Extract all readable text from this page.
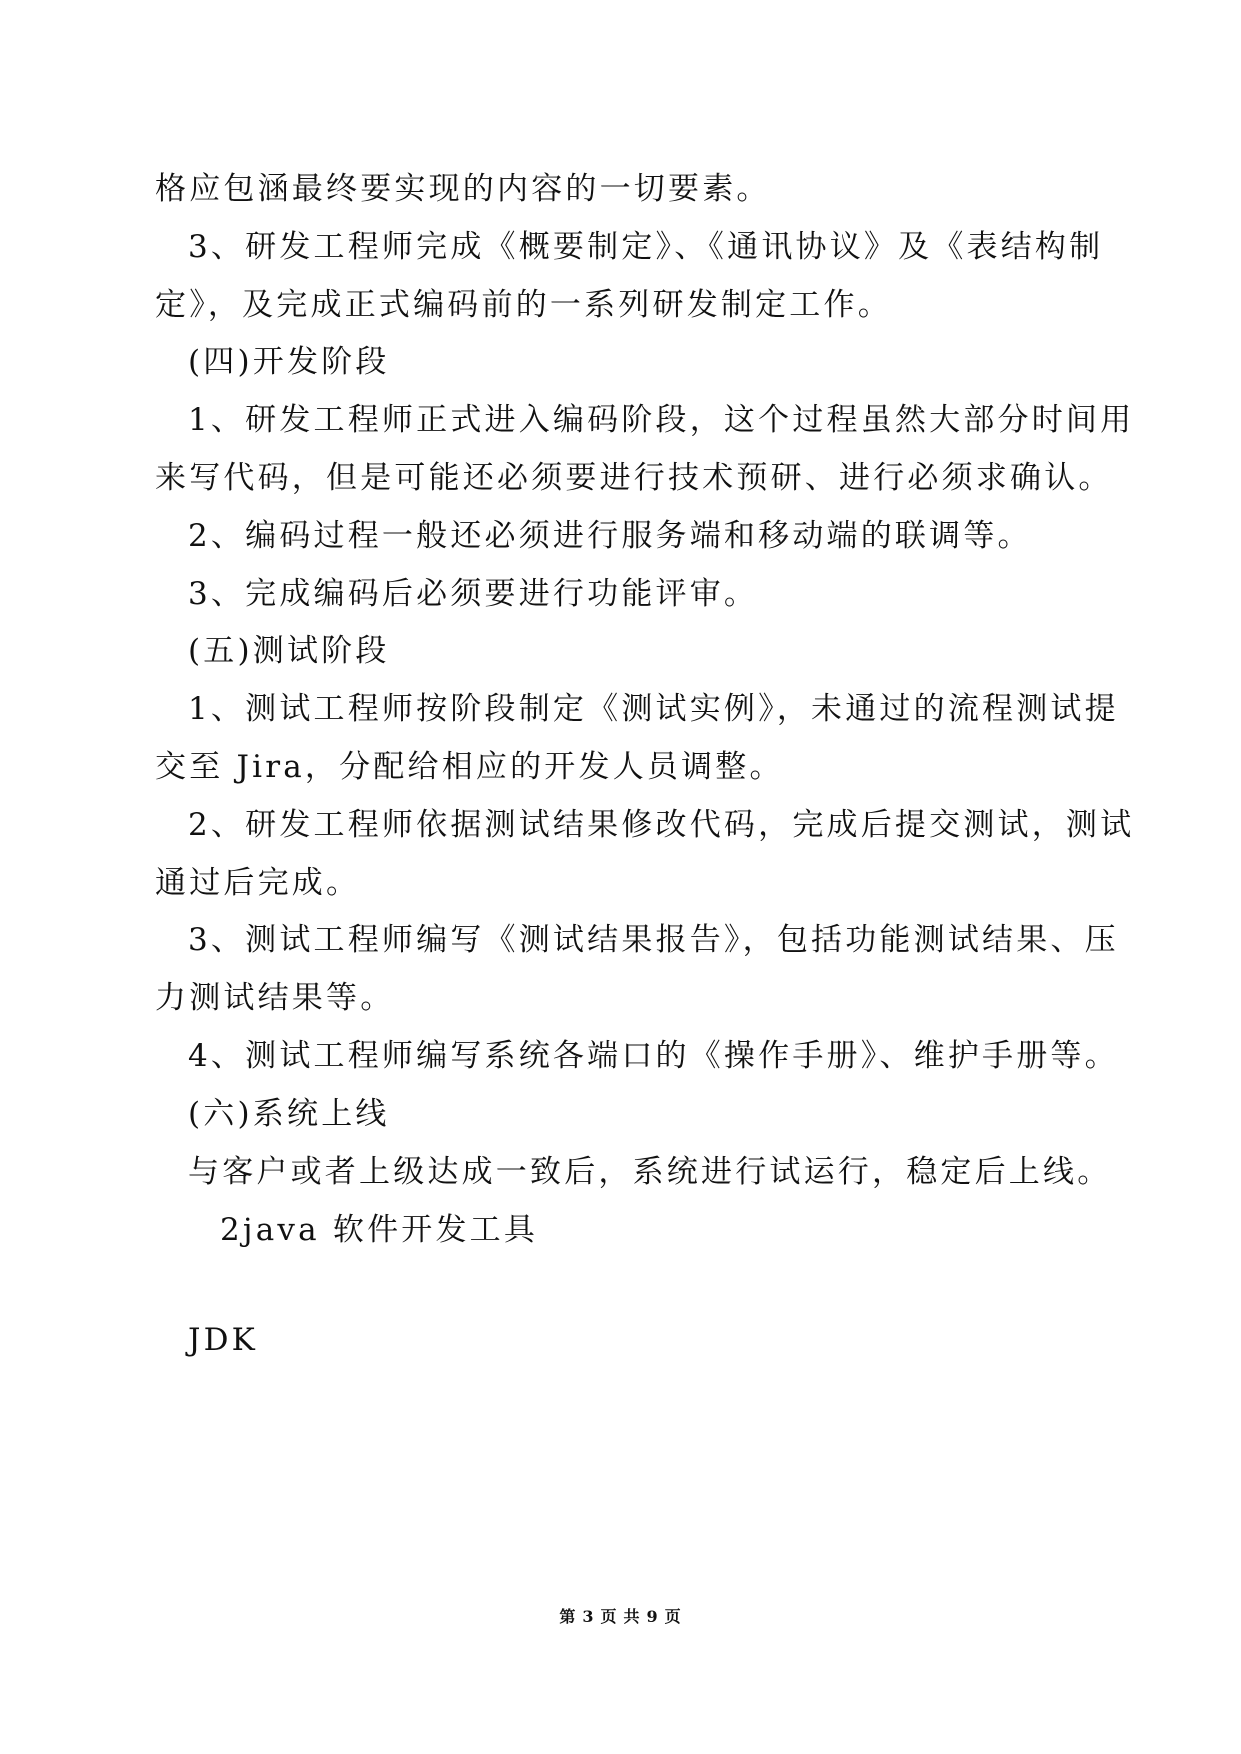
格应包涵最终要实现的内容的一切要素。
3、研发工程师完成《概要制定》、《通讯协议》及《表结构制
定》，及完成正式编码前的一系列研发制定工作。
(四)开发阶段
1、研发工程师正式进入编码阶段，这个过程虽然大部分时间用
来写代码，但是可能还必须要进行技术预研、进行必须求确认。
2、编码过程一般还必须进行服务端和移动端的联调等。
3、完成编码后必须要进行功能评审。
(五)测试阶段
1、测试工程师按阶段制定《测试实例》，未通过的流程测试提
交至 Jira，分配给相应的开发人员调整。
2、研发工程师依据测试结果修改代码，完成后提交测试，测试
通过后完成。
3、测试工程师编写《测试结果报告》，包括功能测试结果、压
力测试结果等。
4、测试工程师编写系统各端口的《操作手册》、维护手册等。
(六)系统上线
与客户或者上级达成一致后，系统进行试运行，稳定后上线。
2java 软件开发工具
JDK
第 3 页 共 9 页
